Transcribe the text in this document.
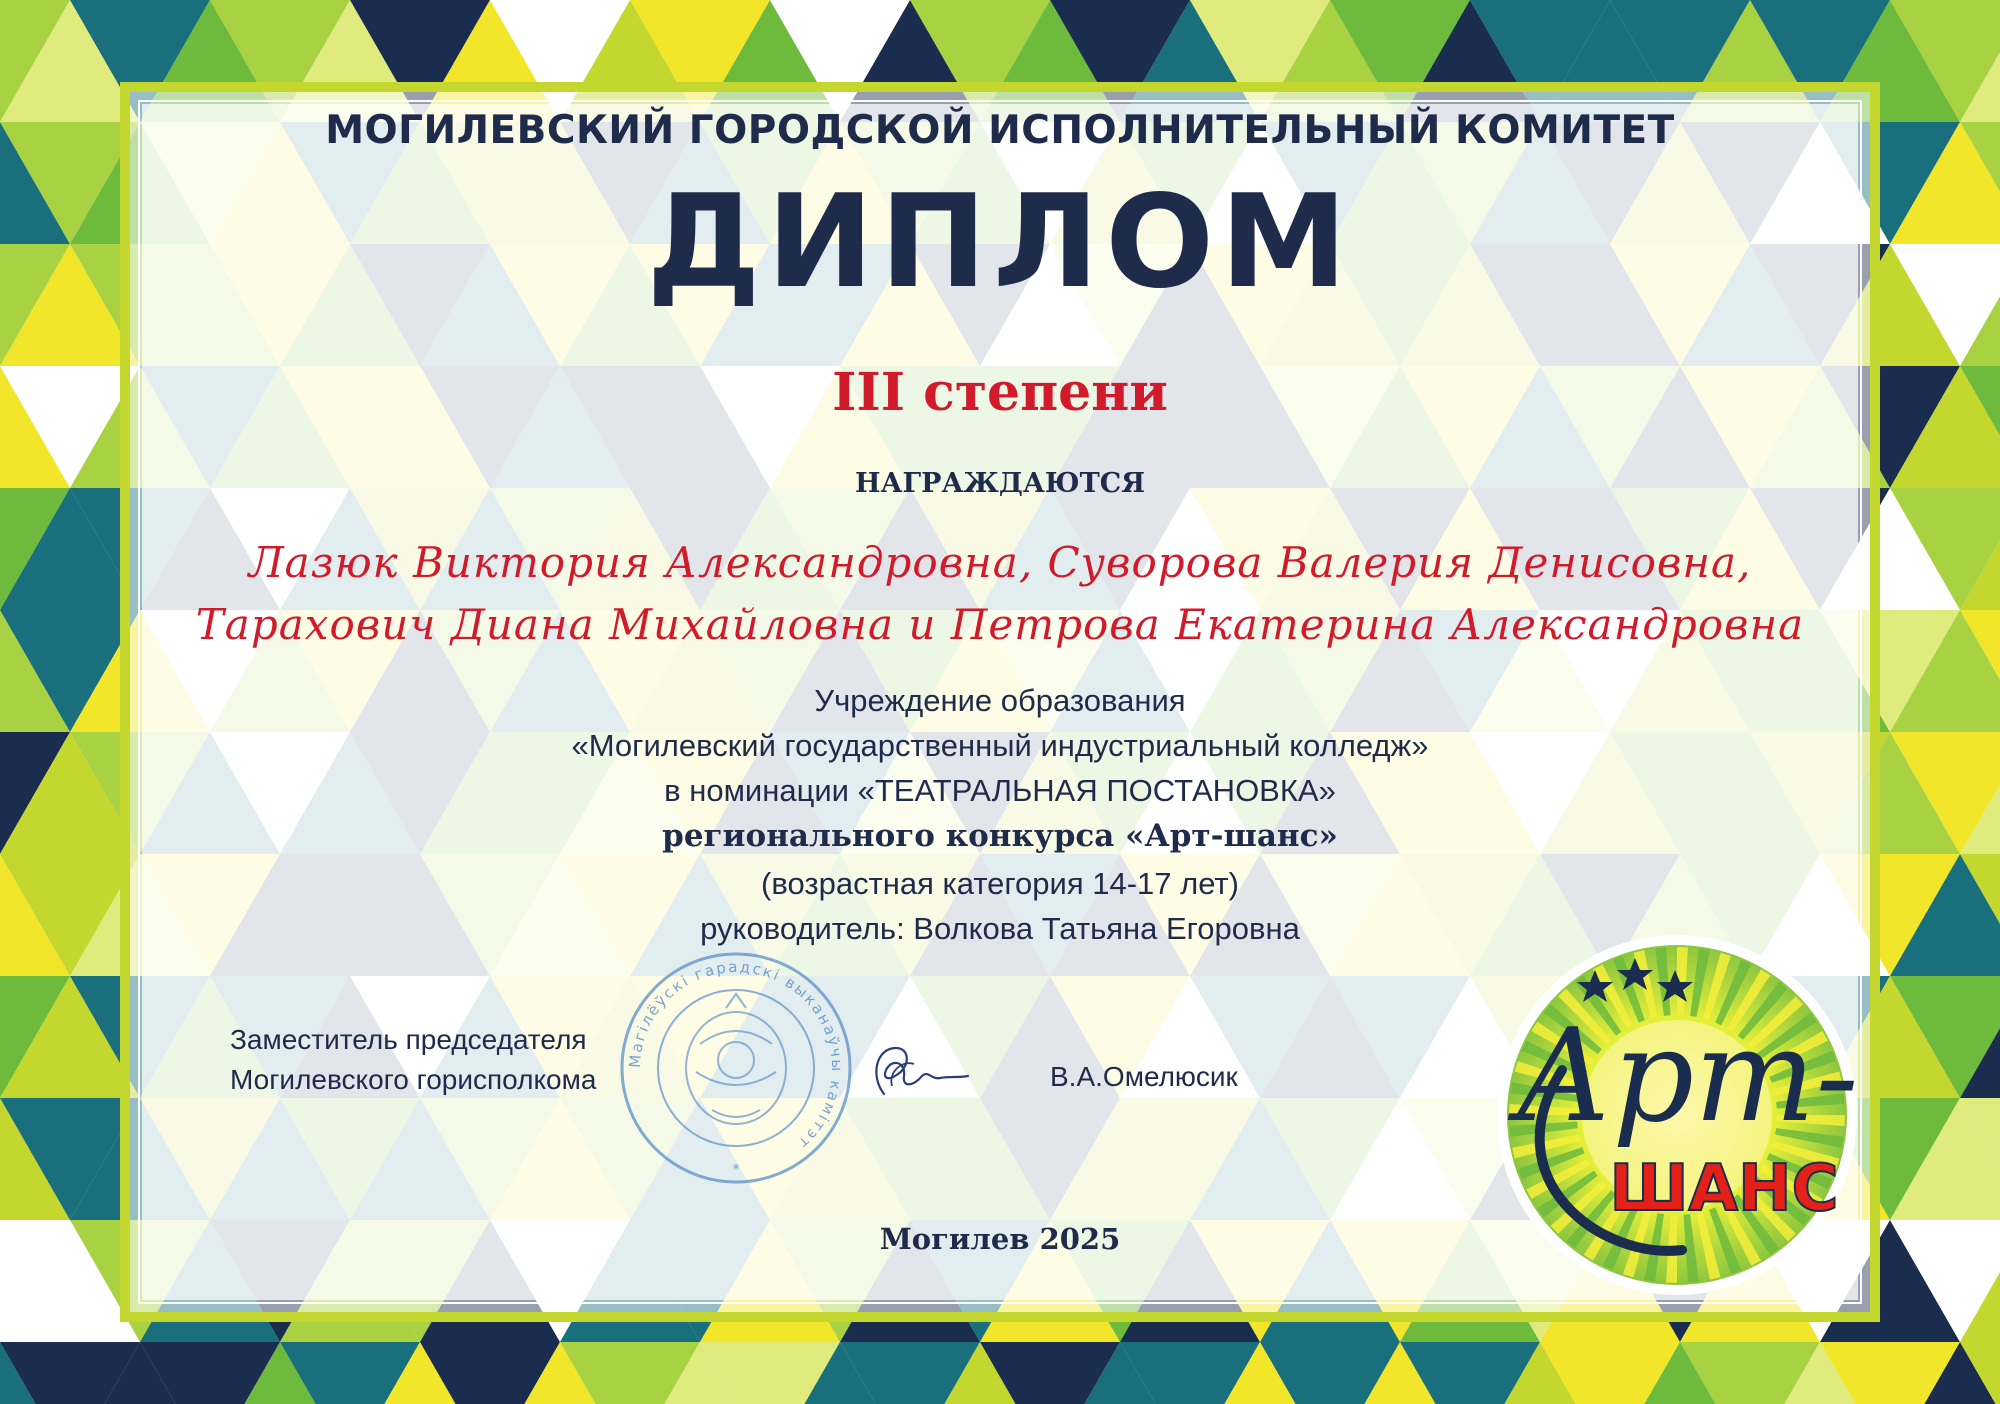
МОГИЛЕВСКИЙ ГОРОДСКОЙ ИСПОЛНИТЕЛЬНЫЙ КОМИТЕТ
ДИПЛОМ
III степени
НАГРАЖДАЮТСЯ
Лазюк Виктория Александровна, Суворова Валерия Денисовна,
Тарахович Диана Михайловна и Петрова Екатерина Александровна
Учреждение образования
«Могилевский государственный индустриальный колледж»
в номинации «ТЕАТРАЛЬНАЯ ПОСТАНОВКА»
регионального конкурса «Арт-шанс»
(возрастная категория 14-17 лет)
руководитель: Волкова Татьяна Егоровна
Магілёўскі гарадскі выканаўчы камітэт
*
Заместитель председателя
Могилевского горисполкома	В.А.Омелюсик
Могилев 2025
Арт-
ШАНС
